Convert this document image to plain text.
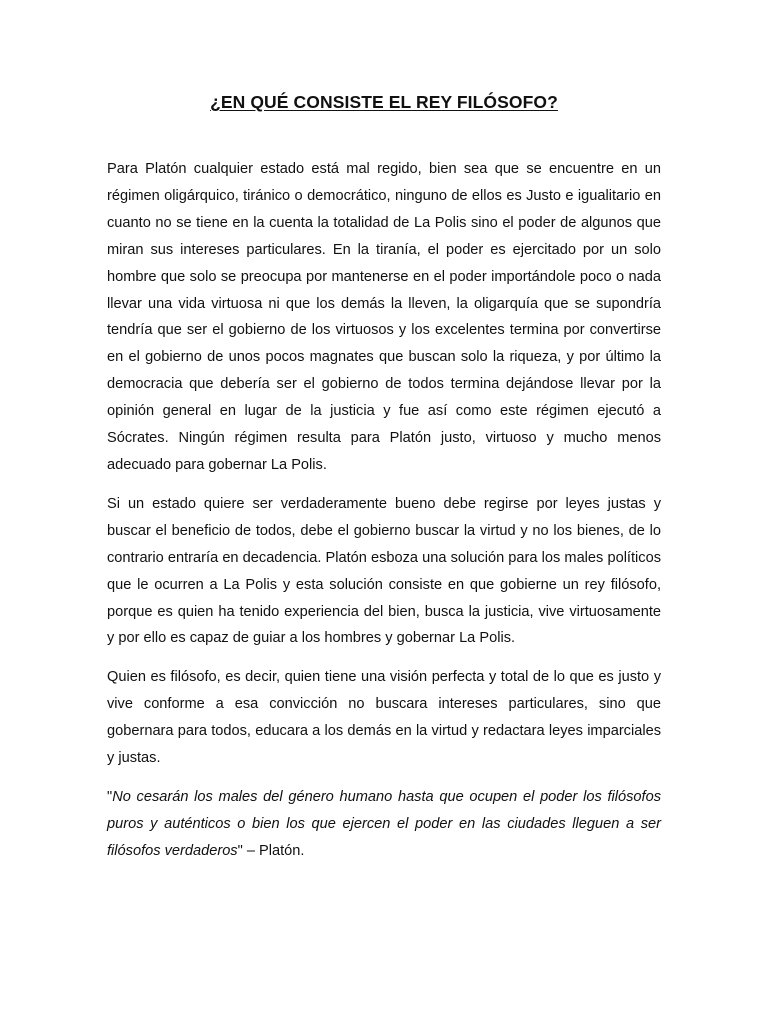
¿EN QUÉ CONSISTE EL REY FILÓSOFO?

Para Platón cualquier estado está mal regido, bien sea que se encuentre en un régimen oligárquico, tiránico o democrático, ninguno de ellos es Justo e igualitario en cuanto no se tiene en la cuenta la totalidad de La Polis sino el poder de algunos que miran sus intereses particulares. En la tiranía, el poder es ejercitado por un solo hombre que solo se preocupa por mantenerse en el poder importándole poco o nada llevar una vida virtuosa ni que los demás la lleven, la oligarquía que se supondría tendría que ser el gobierno de los virtuosos y los excelentes termina por convertirse en el gobierno de unos pocos magnates que buscan solo la riqueza, y por último la democracia que debería ser el gobierno de todos termina dejándose llevar por la opinión general en lugar de la justicia y fue así como este régimen ejecutó a Sócrates. Ningún régimen resulta para Platón justo, virtuoso y mucho menos adecuado para gobernar La Polis.

Si un estado quiere ser verdaderamente bueno debe regirse por leyes justas y buscar el beneficio de todos, debe el gobierno buscar la virtud y no los bienes, de lo contrario entraría en decadencia. Platón esboza una solución para los males políticos que le ocurren a La Polis y esta solución consiste en que gobierne un rey filósofo, porque es quien ha tenido experiencia del bien, busca la justicia, vive virtuosamente y por ello es capaz de guiar a los hombres y gobernar La Polis.

Quien es filósofo, es decir, quien tiene una visión perfecta y total de lo que es justo y vive conforme a esa convicción no buscara intereses particulares, sino que gobernara para todos, educara a los demás en la virtud y redactara leyes imparciales y justas.

"No cesarán los males del género humano hasta que ocupen el poder los filósofos puros y auténticos o bien los que ejercen el poder en las ciudades lleguen a ser filósofos verdaderos" – Platón.
